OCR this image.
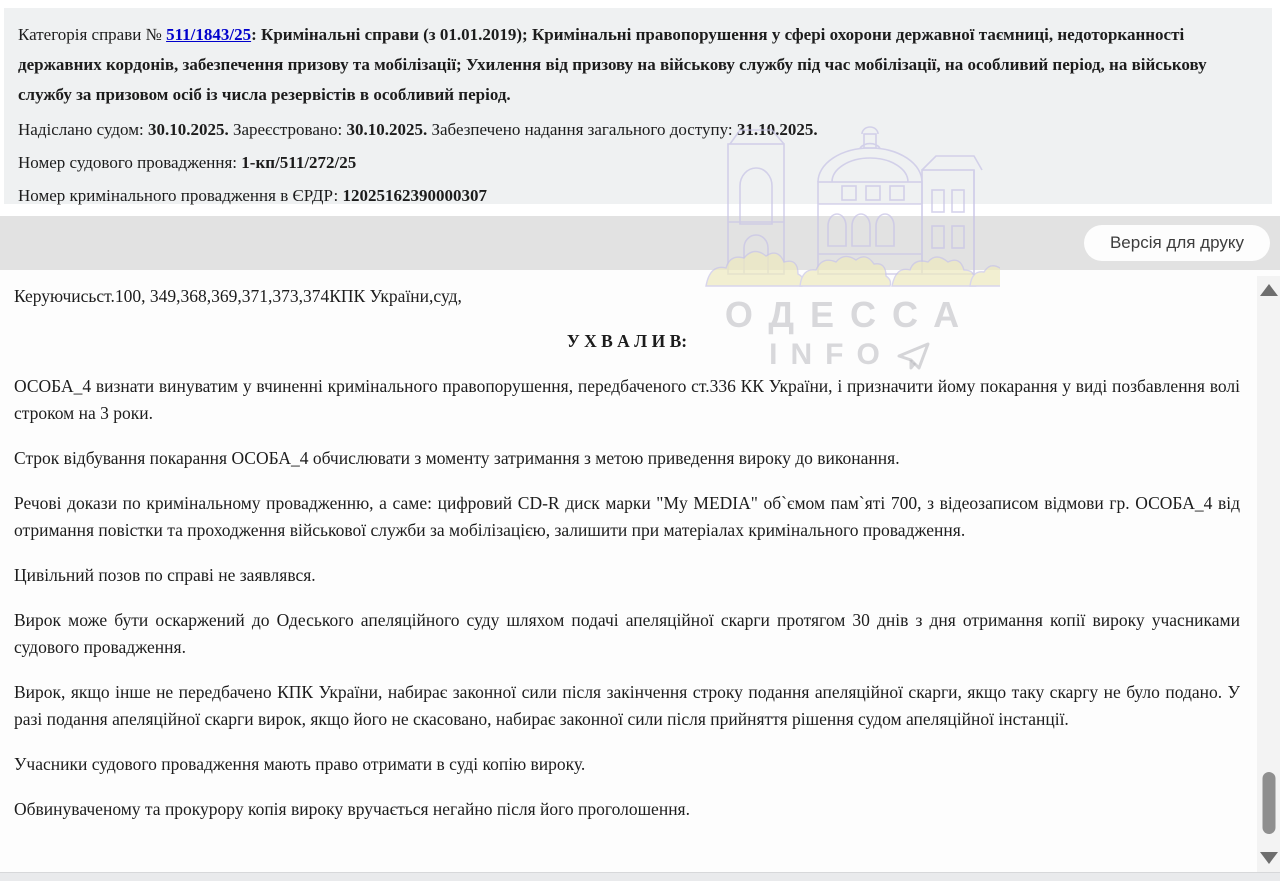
Категорія справи № 511/1843/25: Кримінальні справи (з 01.01.2019); Кримінальні правопорушення у сфері охорони державної таємниці, недоторканності державних кордонів, забезпечення призову та мобілізації; Ухилення від призову на військову службу під час мобілізації, на особливий період, на військову службу за призовом осіб із числа резервістів в особливий період.
Надіслано судом: 30.10.2025. Зареєстровано: 30.10.2025. Забезпечено надання загального доступу: 31.10.2025.
Номер судового провадження: 1-кп/511/272/25
Номер кримінального провадження в ЄРДР: 12025162390000307
Версія для друку

Керуючисьст.100, 349,368,369,371,373,374КПК України,суд,

У Х В А Л И В:

ОСОБА_4 визнати винуватим у вчиненні кримінального правопорушення, передбаченого ст.336 КК України, і призначити йому покарання у виді позбавлення волі строком на 3 роки.

Строк відбування покарання ОСОБА_4 обчислювати з моменту затримання з метою приведення вироку до виконання.

Речові докази по кримінальному провадженню, а саме: цифровий CD-R диск марки "My MEDIA" об`ємом пам`яті 700, з відеозаписом відмови гр. ОСОБА_4 від отримання повістки та проходження військової служби за мобілізацією, залишити при матеріалах кримінального провадження.

Цивільний позов по справі не заявлявся.

Вирок може бути оскаржений до Одеського апеляційного суду шляхом подачі апеляційної скарги протягом 30 днів з дня отримання копії вироку учасниками судового провадження.

Вирок, якщо інше не передбачено КПК України, набирає законної сили після закінчення строку подання апеляційної скарги, якщо таку скаргу не було подано. У разі подання апеляційної скарги вирок, якщо його не скасовано, набирає законної сили після прийняття рішення судом апеляційної інстанції.

Учасники судового провадження мають право отримати в суді копію вироку.

Обвинуваченому та прокурору копія вироку вручається негайно після його проголошення.

ОДЕССА
INFO
